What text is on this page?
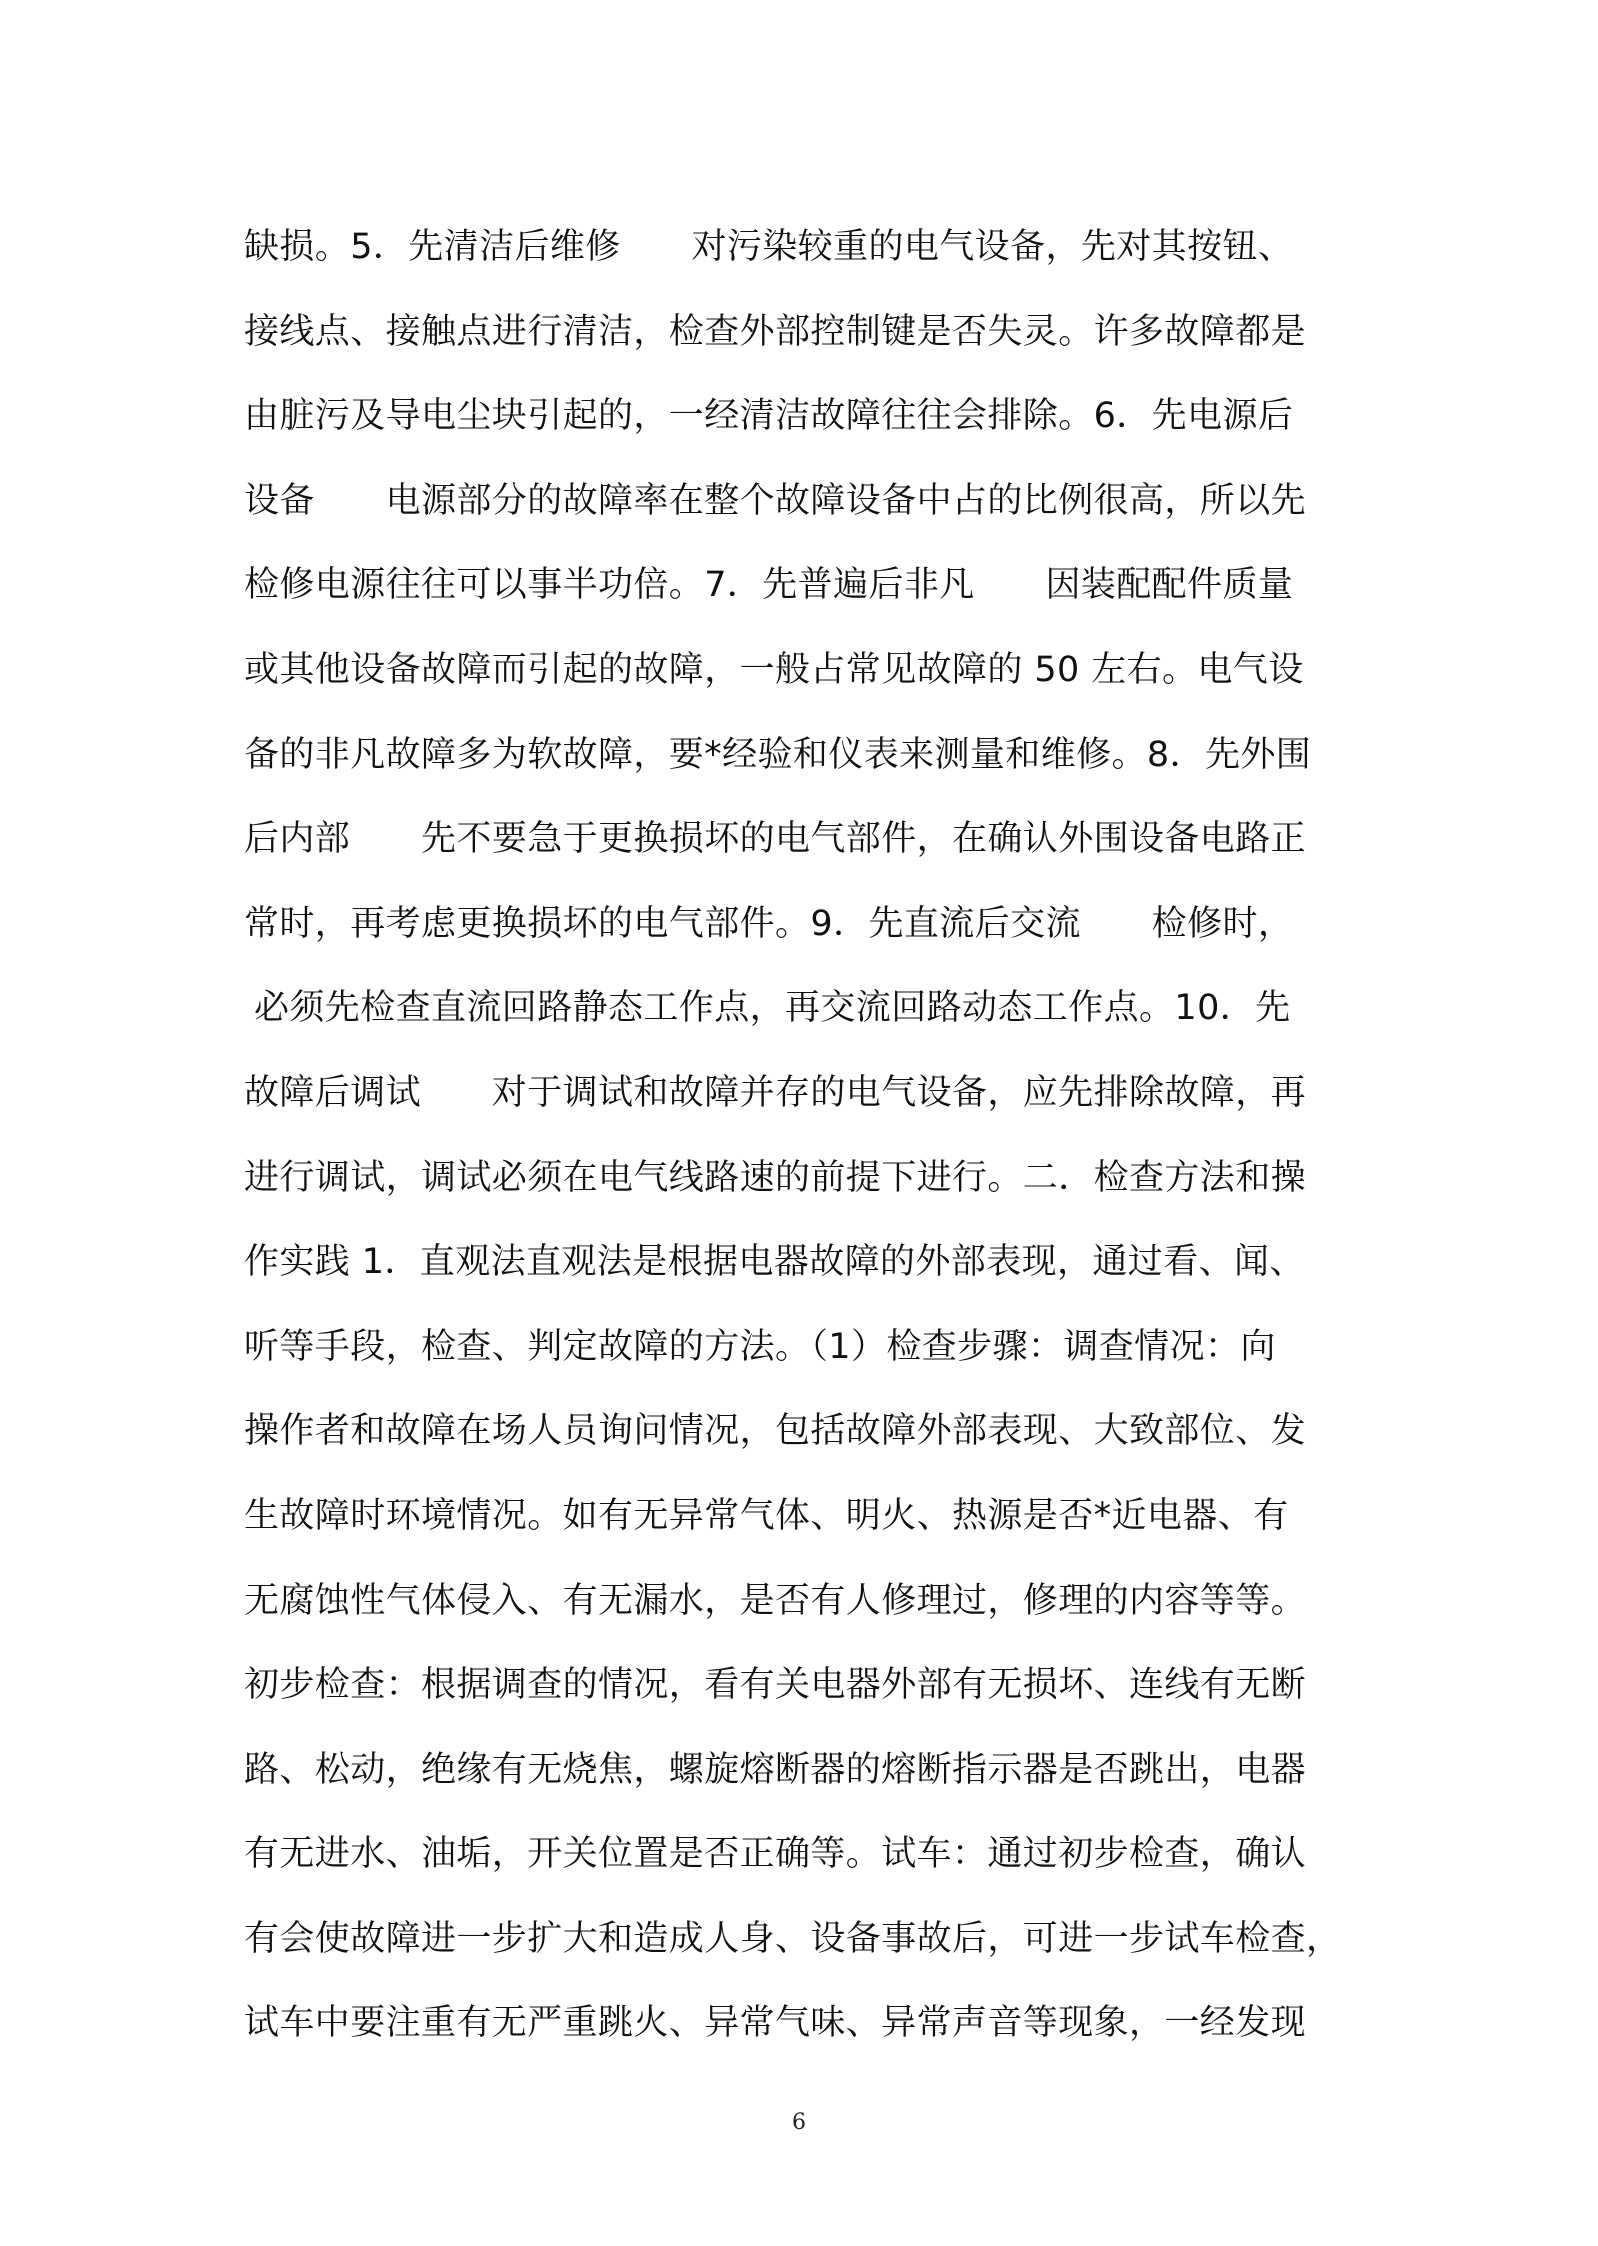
缺损。5．先清洁后维修　　对污染较重的电气设备，先对其按钮、
接线点、接触点进行清洁，检查外部控制键是否失灵。许多故障都是
由脏污及导电尘块引起的，一经清洁故障往往会排除。6．先电源后
设备　　电源部分的故障率在整个故障设备中占的比例很高，所以先
检修电源往往可以事半功倍。7．先普遍后非凡　　因装配配件质量
或其他设备故障而引起的故障，一般占常见故障的 50 左右。电气设
备的非凡故障多为软故障，要*经验和仪表来测量和维修。8．先外围
后内部　　先不要急于更换损坏的电气部件，在确认外围设备电路正
常时，再考虑更换损坏的电气部件。9．先直流后交流　　检修时，
必须先检查直流回路静态工作点，再交流回路动态工作点。10．先
故障后调试　　对于调试和故障并存的电气设备，应先排除故障，再
进行调试，调试必须在电气线路速的前提下进行。二．检查方法和操
作实践 1．直观法直观法是根据电器故障的外部表现，通过看、闻、
听等手段，检查、判定故障的方法。（1）检查步骤：调查情况：向
操作者和故障在场人员询问情况，包括故障外部表现、大致部位、发
生故障时环境情况。如有无异常气体、明火、热源是否*近电器、有
无腐蚀性气体侵入、有无漏水，是否有人修理过，修理的内容等等。
初步检查：根据调查的情况，看有关电器外部有无损坏、连线有无断
路、松动，绝缘有无烧焦，螺旋熔断器的熔断指示器是否跳出，电器
有无进水、油垢，开关位置是否正确等。试车：通过初步检查，确认
有会使故障进一步扩大和造成人身、设备事故后，可进一步试车检查，
试车中要注重有无严重跳火、异常气味、异常声音等现象，一经发现
6
